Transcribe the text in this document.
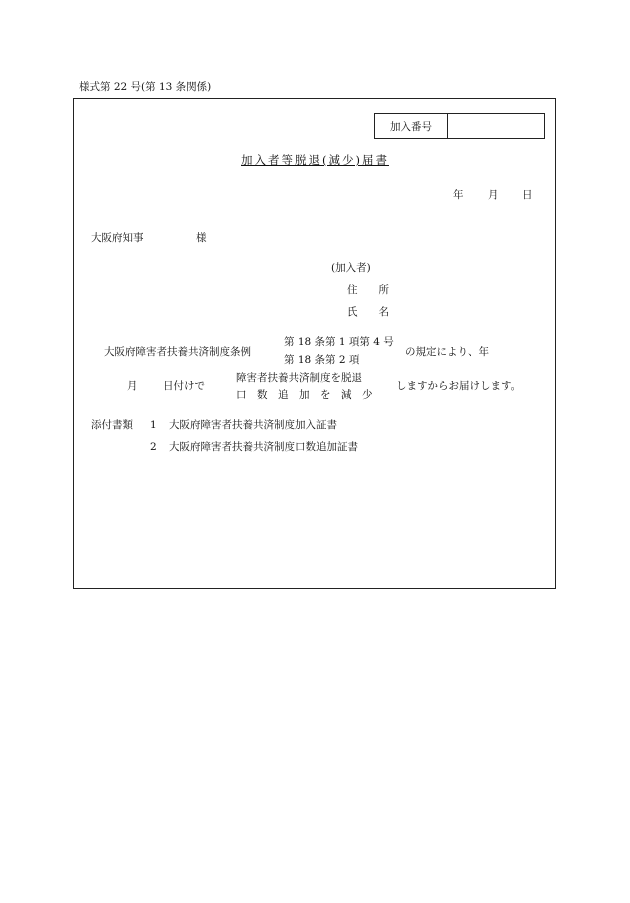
様式第 22 号(第 13 条関係)
加入番号
加入者等脱退(減少)届書
年 月 日
大阪府知事	様
(加入者)
住　　所
氏　　名
大阪府障害者扶養共済制度条例
第 18 条第 1 項第 4 号
第 18 条第 2 項
の規定により、年
月 日付けで
障害者扶養共済制度を脱退
口　数　追　加　を　減　少
しますからお届けします。
添付書類 1 大阪府障害者扶養共済制度加入証書
2 大阪府障害者扶養共済制度口数追加証書
